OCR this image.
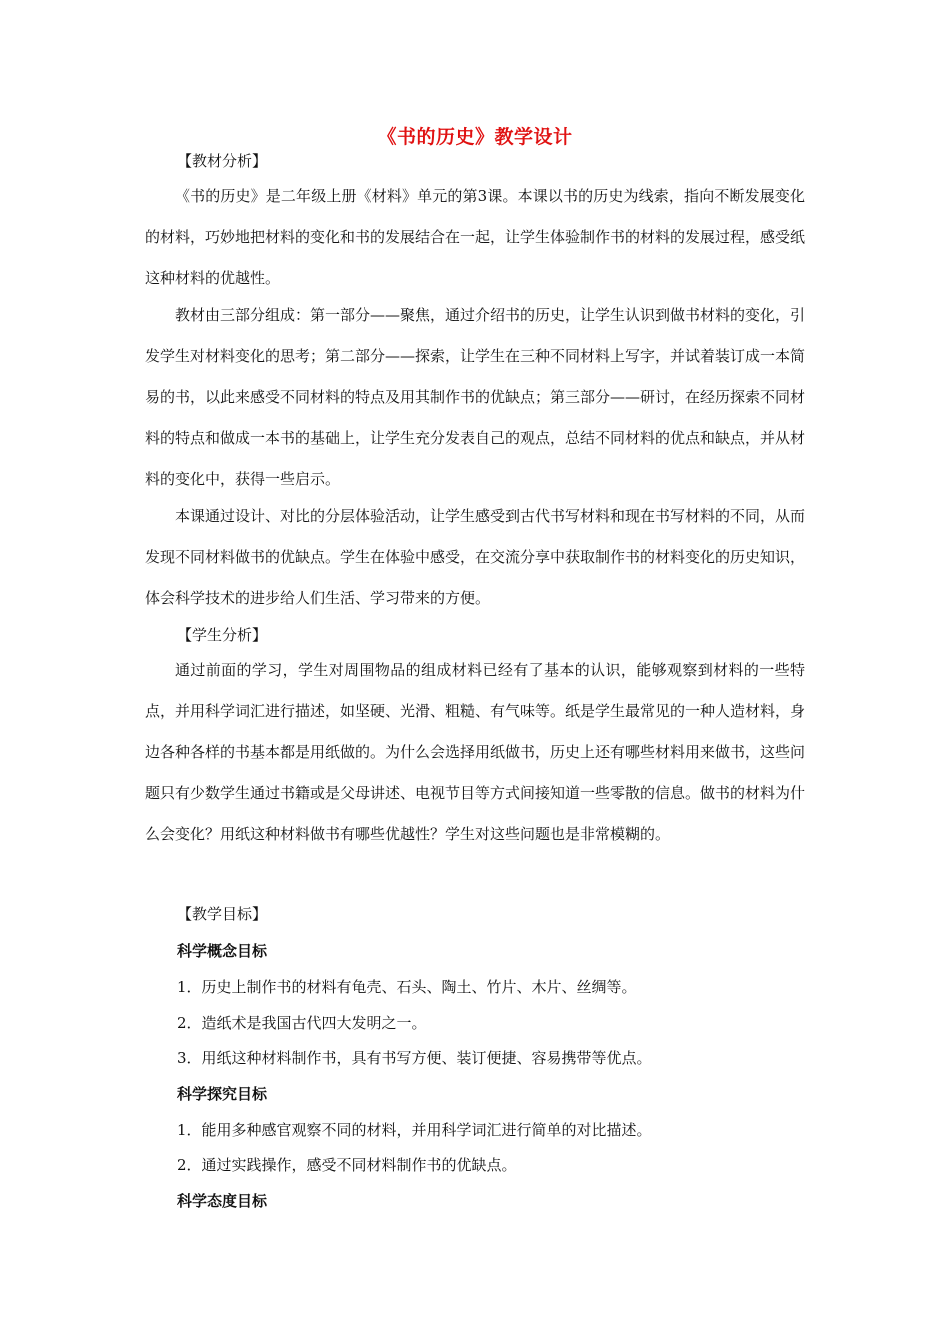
《书的历史》教学设计
【教材分析】

《书的历史》是二年级上册《材料》单元的第3课。本课以书的历史为线索，指向不断发展变化的材料，巧妙地把材料的变化和书的发展结合在一起，让学生体验制作书的材料的发展过程，感受纸这种材料的优越性。

教材由三部分组成：第一部分——聚焦，通过介绍书的历史，让学生认识到做书材料的变化，引发学生对材料变化的思考；第二部分——探索，让学生在三种不同材料上写字，并试着装订成一本简易的书，以此来感受不同材料的特点及用其制作书的优缺点；第三部分——研讨，在经历探索不同材料的特点和做成一本书的基础上，让学生充分发表自己的观点，总结不同材料的优点和缺点，并从材料的变化中，获得一些启示。

本课通过设计、对比的分层体验活动，让学生感受到古代书写材料和现在书写材料的不同，从而发现不同材料做书的优缺点。学生在体验中感受，在交流分享中获取制作书的材料变化的历史知识，体会科学技术的进步给人们生活、学习带来的方便。

【学生分析】

通过前面的学习，学生对周围物品的组成材料已经有了基本的认识，能够观察到材料的一些特点，并用科学词汇进行描述，如坚硬、光滑、粗糙、有气味等。纸是学生最常见的一种人造材料，身边各种各样的书基本都是用纸做的。为什么会选择用纸做书，历史上还有哪些材料用来做书，这些问题只有少数学生通过书籍或是父母讲述、电视节目等方式间接知道一些零散的信息。做书的材料为什么会变化？用纸这种材料做书有哪些优越性？学生对这些问题也是非常模糊的。

【教学目标】
科学概念目标
1．历史上制作书的材料有龟壳、石头、陶土、竹片、木片、丝绸等。
2．造纸术是我国古代四大发明之一。
3．用纸这种材料制作书，具有书写方便、装订便捷、容易携带等优点。
科学探究目标
1．能用多种感官观察不同的材料，并用科学词汇进行简单的对比描述。
2．通过实践操作，感受不同材料制作书的优缺点。
科学态度目标
